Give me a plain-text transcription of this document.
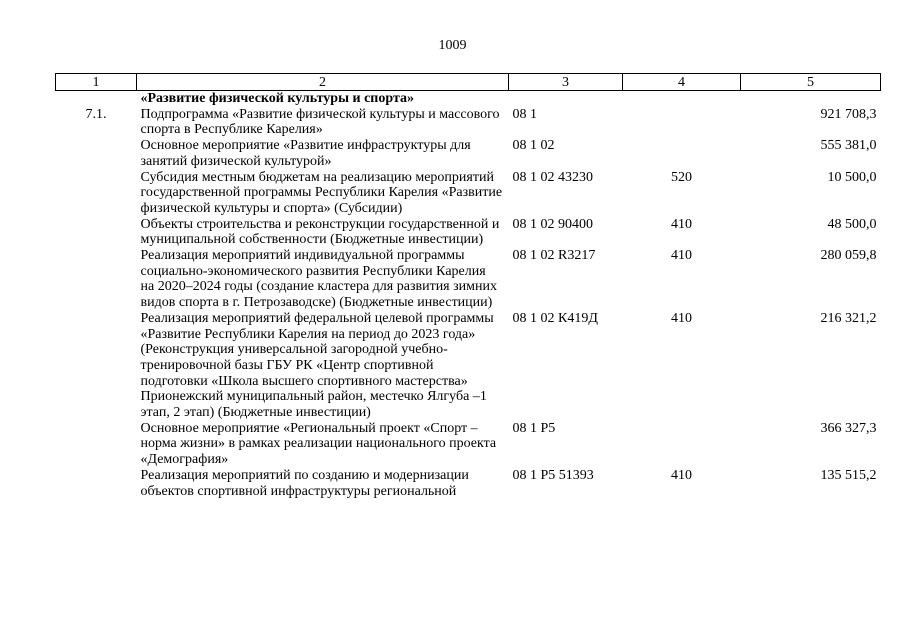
1009
1	2	3	4	5
	«Развитие физической культуры и спорта»			
7.1.	Подпрограмма «Развитие физической культуры и массового спорта в Республике Карелия»	08 1		921 708,3
	Основное мероприятие «Развитие инфраструктуры для занятий физической культурой»	08 1 02		555 381,0
	Субсидия местным бюджетам на реализацию мероприятий государственной программы Республики Карелия «Развитие физической культуры и спорта» (Субсидии)	08 1 02 43230	520	10 500,0
	Объекты строительства и реконструкции государственной и муниципальной собственности (Бюджетные инвестиции)	08 1 02 90400	410	48 500,0
	Реализация мероприятий индивидуальной программы социально-экономического развития Республики Карелия на 2020–2024 годы (создание кластера для развития зимних видов спорта в г. Петрозаводске) (Бюджетные инвестиции)	08 1 02 R3217	410	280 059,8
	Реализация мероприятий федеральной целевой программы «Развитие Республики Карелия на период до 2023 года» (Реконструкция универсальной загородной учебно-тренировочной базы ГБУ РК «Центр спортивной подготовки «Школа высшего спортивного мастерства» Прионежский муниципальный район, местечко Ялгуба –1 этап, 2 этап) (Бюджетные инвестиции)	08 1 02 К419Д	410	216 321,2
	Основное мероприятие «Региональный проект «Спорт – норма жизни» в рамках реализации национального проекта «Демография»	08 1 P5		366 327,3
	Реализация мероприятий по созданию и модернизации объектов спортивной инфраструктуры региональной	08 1 P5 51393	410	135 515,2
